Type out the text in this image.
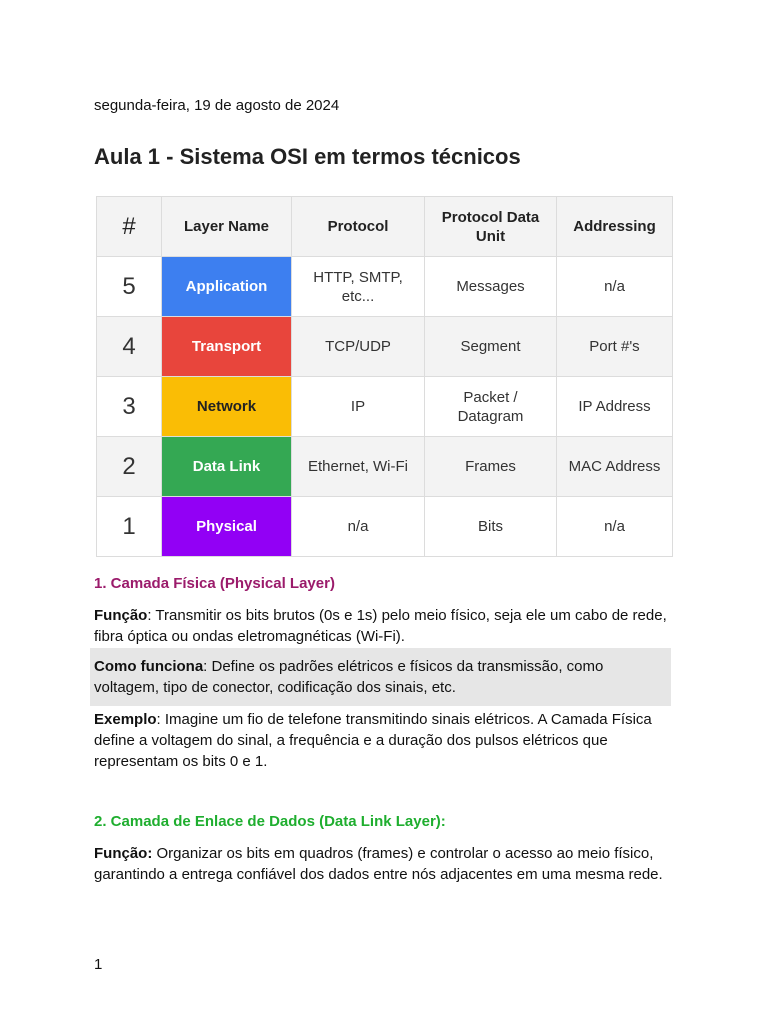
segunda-feira, 19 de agosto de 2024
Aula 1 - Sistema OSI em termos técnicos
#	Layer Name	Protocol	Protocol Data Unit	Addressing
5	Application	HTTP, SMTP, etc...	Messages	n/a
4	Transport	TCP/UDP	Segment	Port #'s
3	Network	IP	Packet / Datagram	IP Address
2	Data Link	Ethernet, Wi-Fi	Frames	MAC Address
1	Physical	n/a	Bits	n/a
1. Camada Física (Physical Layer)
Função: Transmitir os bits brutos (0s e 1s) pelo meio físico, seja ele um cabo de rede, fibra óptica ou ondas eletromagnéticas (Wi-Fi).
Como funciona: Define os padrões elétricos e físicos da transmissão, como voltagem, tipo de conector, codificação dos sinais, etc.
Exemplo: Imagine um fio de telefone transmitindo sinais elétricos. A Camada Física define a voltagem do sinal, a frequência e a duração dos pulsos elétricos que representam os bits 0 e 1.
2. Camada de Enlace de Dados (Data Link Layer):
Função: Organizar os bits em quadros (frames) e controlar o acesso ao meio físico, garantindo a entrega confiável dos dados entre nós adjacentes em uma mesma rede.
1
